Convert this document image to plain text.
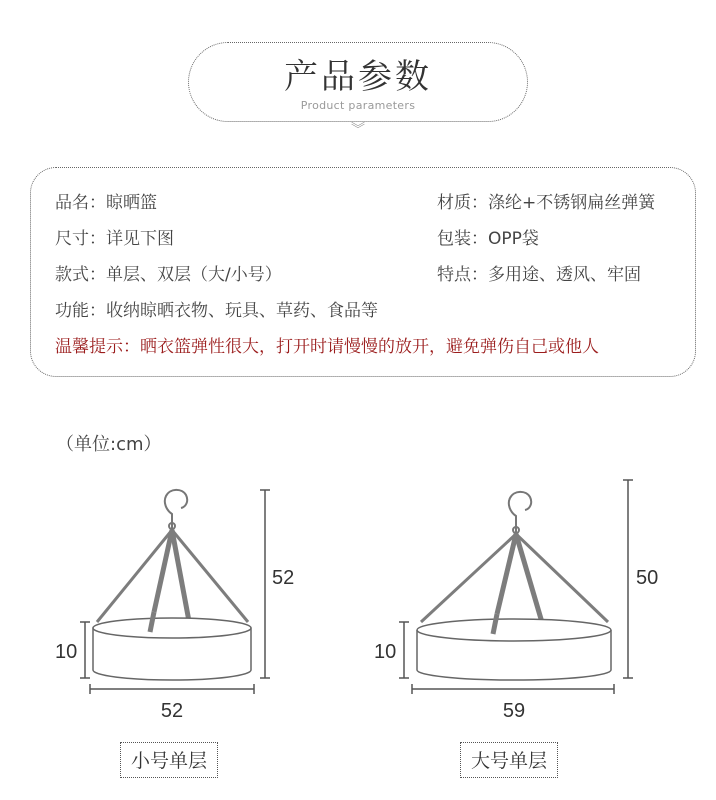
产品参数
Product parameters
︾
品名：晾晒篮	材质：涤纶+不锈钢扁丝弹簧
尺寸：详见下图	包装：OPP袋
款式：单层、双层（大/小号）	特点：多用途、透风、牢固
功能：收纳晾晒衣物、玩具、草药、食品等
温馨提示：晒衣篮弹性很大，打开时请慢慢的放开，避免弹伤自己或他人
（单位:cm）
52
10
52
50
10
59
小号单层	大号单层
